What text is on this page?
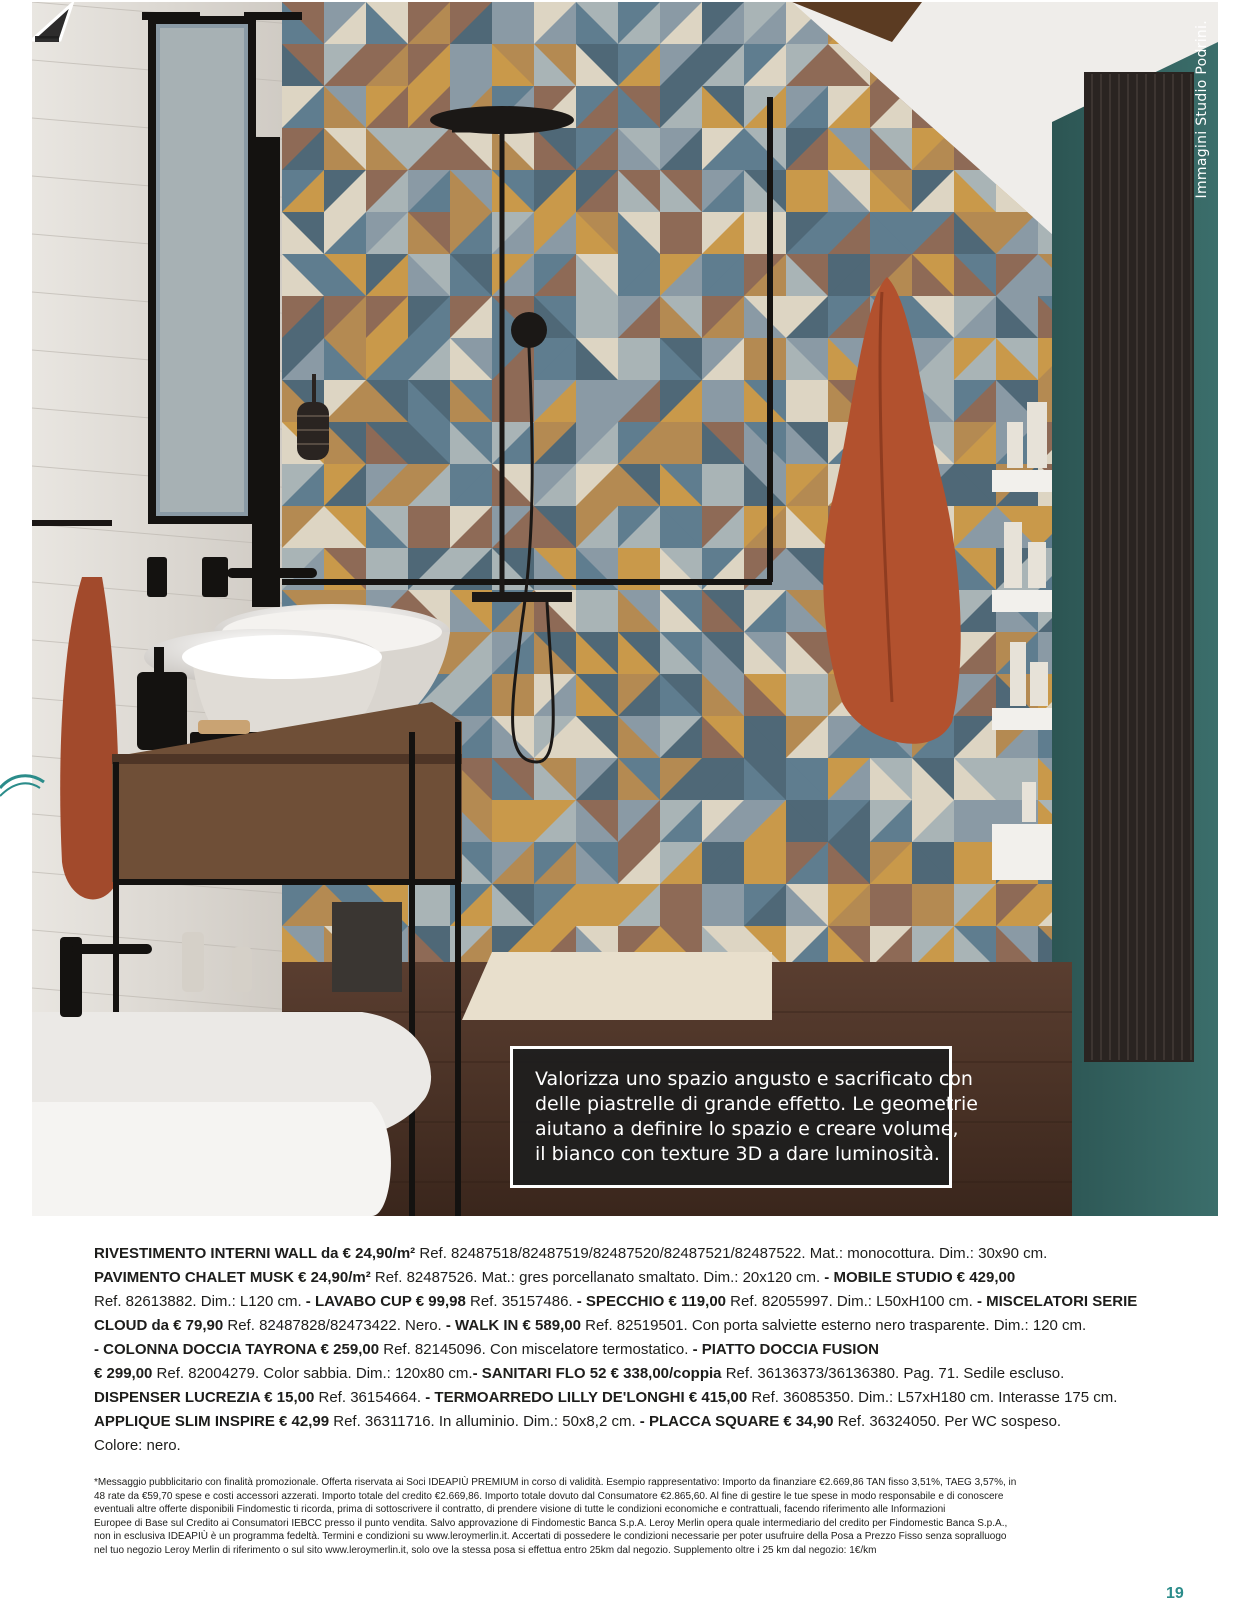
Immagini Studio Podrini.

Valorizza uno spazio angusto e sacrificato con
delle piastrelle di grande effetto. Le geometrie
aiutano a definire lo spazio e creare volume,
il bianco con texture 3D a dare luminosità.

RIVESTIMENTO INTERNI WALL da € 24,90/m² Ref. 82487518/82487519/82487520/82487521/82487522. Mat.: monocottura. Dim.: 30x90 cm.
PAVIMENTO CHALET MUSK € 24,90/m² Ref. 82487526. Mat.: gres porcellanato smaltato. Dim.: 20x120 cm. - MOBILE STUDIO € 429,00
Ref. 82613882. Dim.: L120 cm. - LAVABO CUP € 99,98 Ref. 35157486. - SPECCHIO € 119,00 Ref. 82055997. Dim.: L50xH100 cm. - MISCELATORI SERIE
CLOUD da € 79,90 Ref. 82487828/82473422. Nero. - WALK IN € 589,00 Ref. 82519501. Con porta salviette esterno nero trasparente. Dim.: 120 cm.
- COLONNA DOCCIA TAYRONA € 259,00 Ref. 82145096. Con miscelatore termostatico. - PIATTO DOCCIA FUSION
€ 299,00 Ref. 82004279. Color sabbia. Dim.: 120x80 cm.- SANITARI FLO 52 € 338,00/coppia Ref. 36136373/36136380. Pag. 71. Sedile escluso.
DISPENSER LUCREZIA € 15,00 Ref. 36154664. - TERMOARREDO LILLY DE'LONGHI € 415,00 Ref. 36085350. Dim.: L57xH180 cm. Interasse 175 cm.
APPLIQUE SLIM INSPIRE € 42,99 Ref. 36311716. In alluminio. Dim.: 50x8,2 cm. - PLACCA SQUARE € 34,90 Ref. 36324050. Per WC sospeso.
Colore: nero.
*Messaggio pubblicitario con finalità promozionale. Offerta riservata ai Soci IDEAPIÙ PREMIUM in corso di validità. Esempio rappresentativo: Importo da finanziare €2.669,86 TAN fisso 3,51%, TAEG 3,57%, in
48 rate da €59,70 spese e costi accessori azzerati. Importo totale del credito €2.669,86. Importo totale dovuto dal Consumatore €2.865,60. Al fine di gestire le tue spese in modo responsabile e di conoscere
eventuali altre offerte disponibili Findomestic ti ricorda, prima di sottoscrivere il contratto, di prendere visione di tutte le condizioni economiche e contrattuali, facendo riferimento alle Informazioni
Europee di Base sul Credito ai Consumatori IEBCC presso il punto vendita. Salvo approvazione di Findomestic Banca S.p.A. Leroy Merlin opera quale intermediario del credito per Findomestic Banca S.p.A.,
non in esclusiva IDEAPIÙ è un programma fedeltà. Termini e condizioni su www.leroymerlin.it. Accertati di possedere le condizioni necessarie per poter usufruire della Posa a Prezzo Fisso senza sopralluogo
nel tuo negozio Leroy Merlin di riferimento o sul sito www.leroymerlin.it, solo ove la stessa posa si effettua entro 25km dal negozio. Supplemento oltre i 25 km dal negozio: 1€/km
19
